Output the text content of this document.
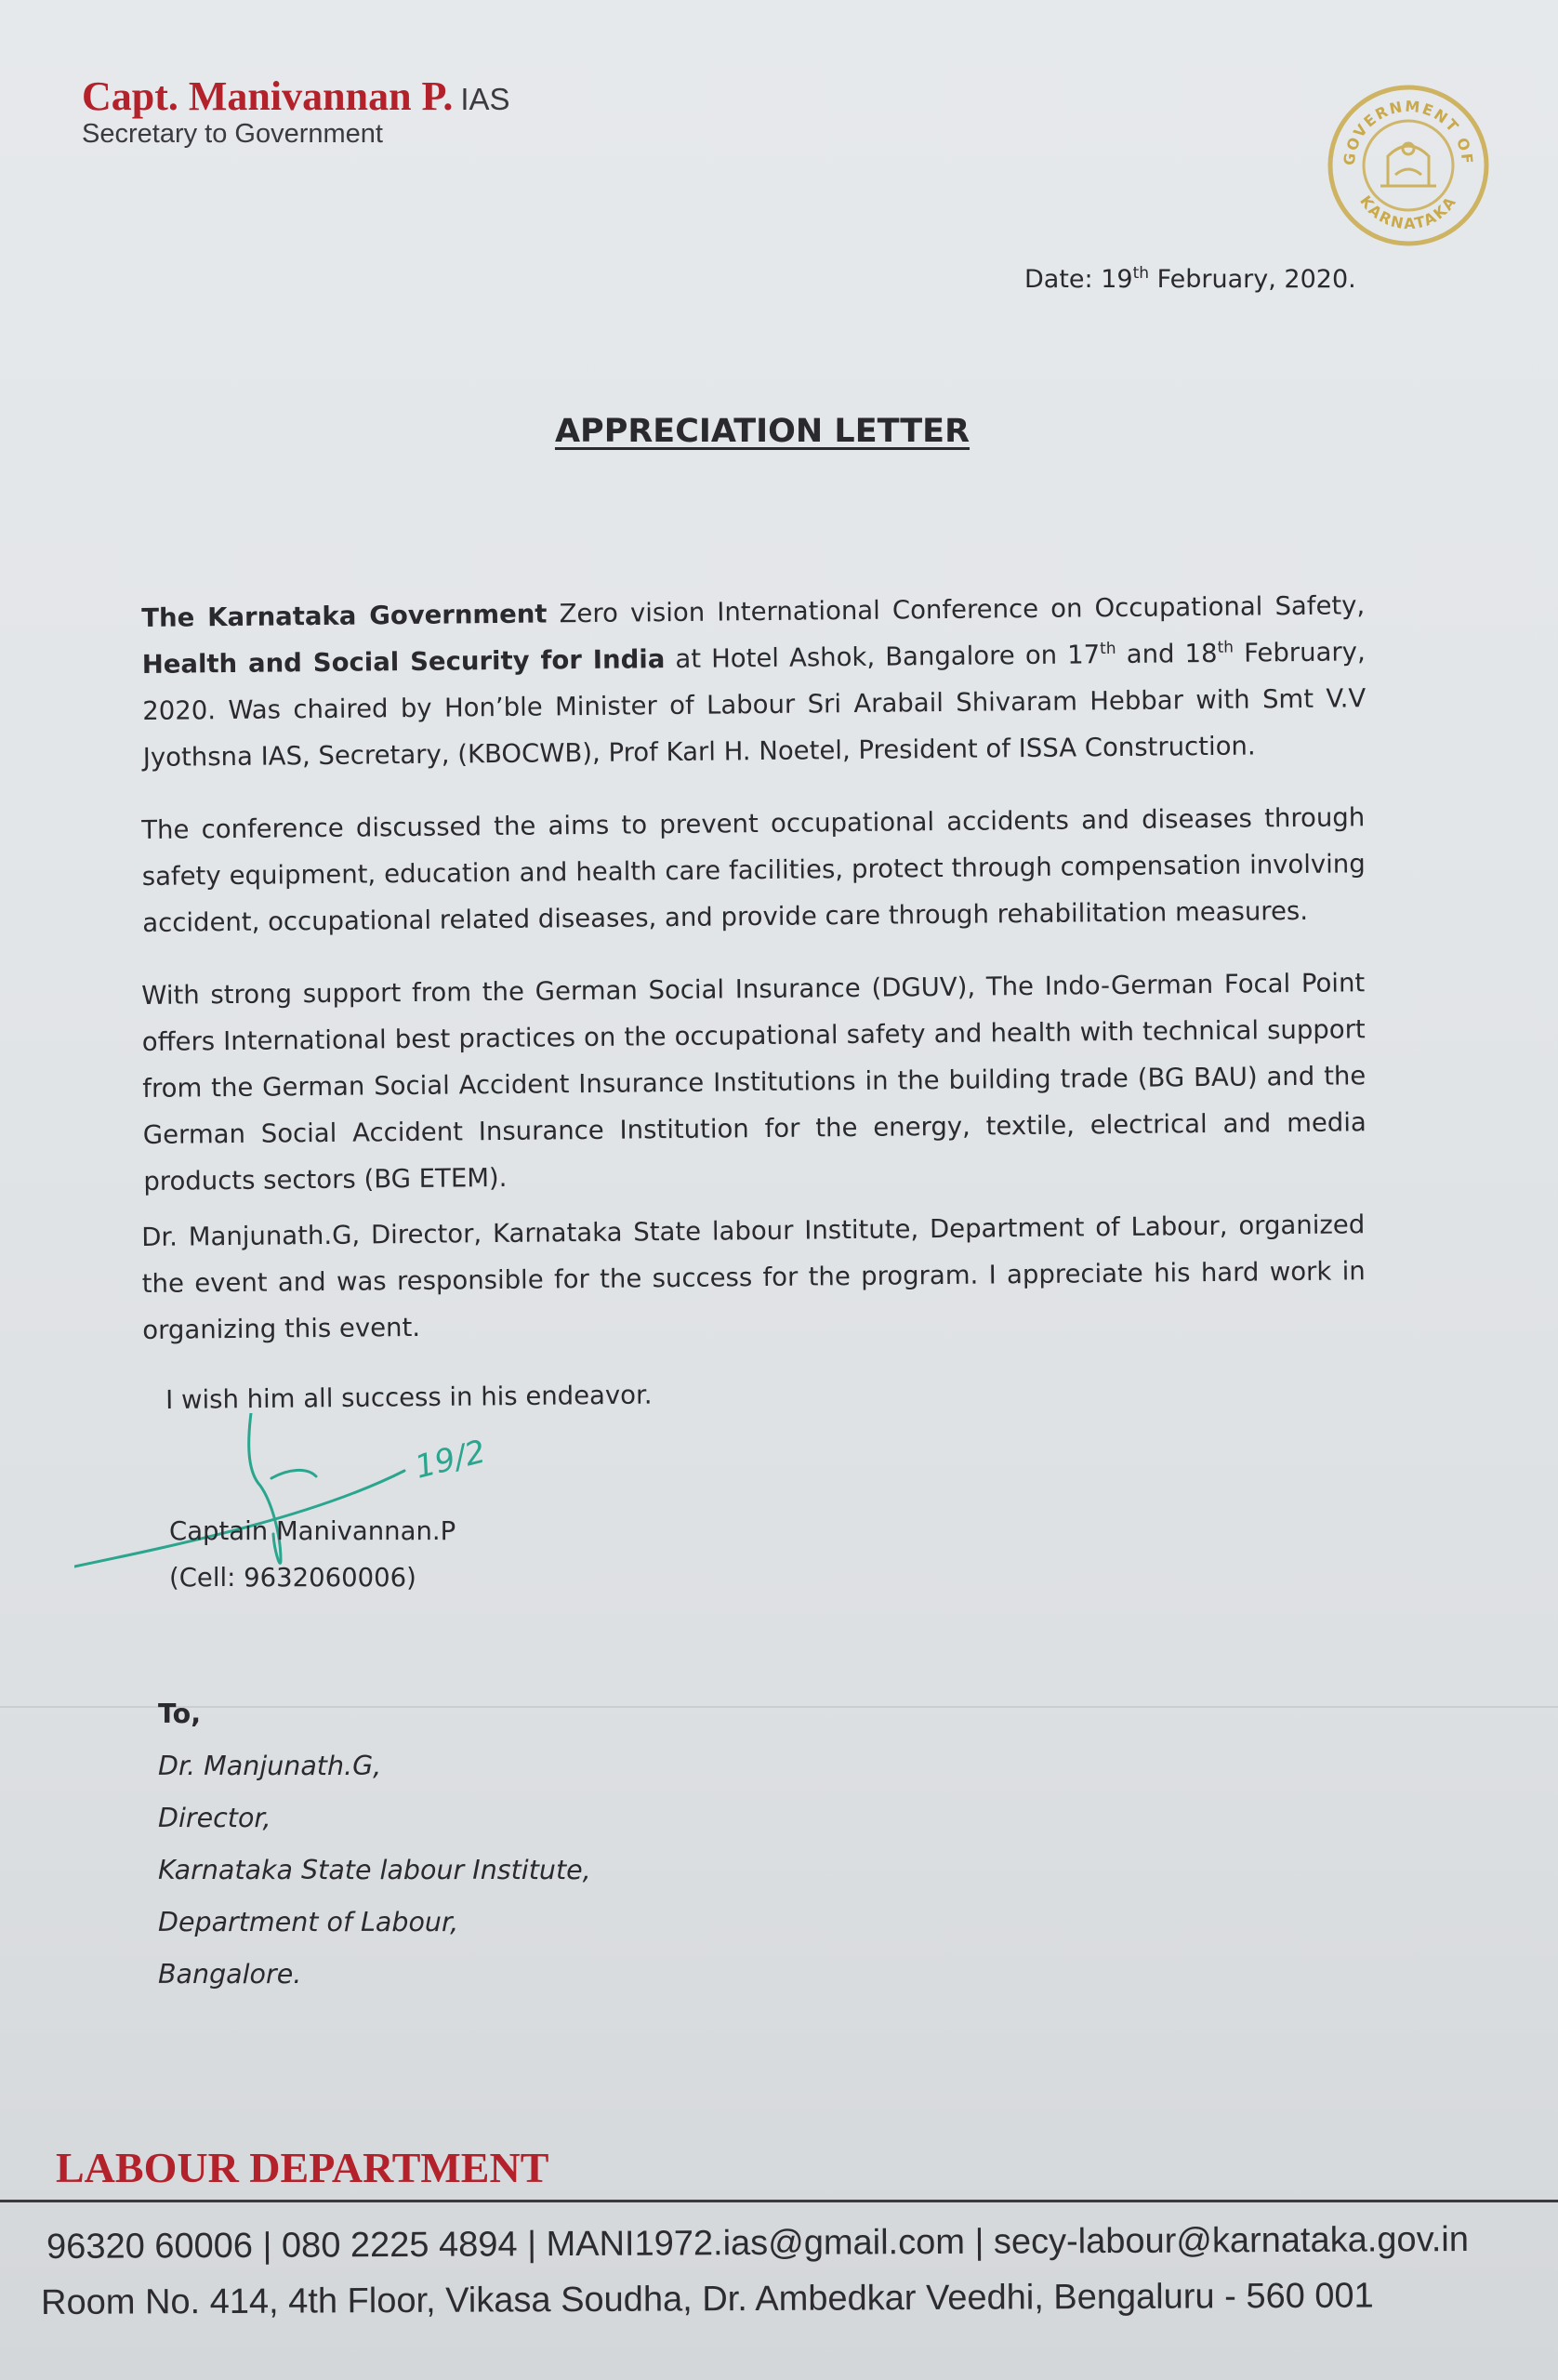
Capt. Manivannan P. IAS
Secretary to Government
GOVERNMENT OF
KARNATAKA
Date: 19th February, 2020.
APPRECIATION LETTER

The Karnataka Government Zero vision International Conference on Occupational Safety, Health and Social Security for India at Hotel Ashok, Bangalore on 17th and 18th February, 2020. Was chaired by Hon’ble Minister of Labour Sri Arabail Shivaram Hebbar with Smt V.V Jyothsna IAS, Secretary, (KBOCWB), Prof Karl H. Noetel, President of ISSA Construction.

The conference discussed the aims to prevent occupational accidents and diseases through safety equipment, education and health care facilities, protect through compensation involving accident, occupational related diseases, and provide care through rehabilitation measures.

With strong support from the German Social Insurance (DGUV), The Indo-German Focal Point offers International best practices on the occupational safety and health with technical support from the German Social Accident Insurance Institutions in the building trade (BG BAU) and the German Social Accident Insurance Institution for the energy, textile, electrical and media products sectors (BG ETEM).

Dr. Manjunath.G, Director, Karnataka State labour Institute, Department of Labour, organized the event and was responsible for the success for the program. I appreciate his hard work in organizing this event.

I wish him all success in his endeavor.
19/2
Captain Manivannan.P
(Cell: 9632060006)
To,
Dr. Manjunath.G,
Director,
Karnataka State labour Institute,
Department of Labour,
Bangalore.
LABOUR DEPARTMENT
96320 60006 | 080 2225 4894 | MANI1972.ias@gmail.com | secy-labour@karnataka.gov.in
Room No. 414, 4th Floor, Vikasa Soudha, Dr. Ambedkar Veedhi, Bengaluru - 560 001
